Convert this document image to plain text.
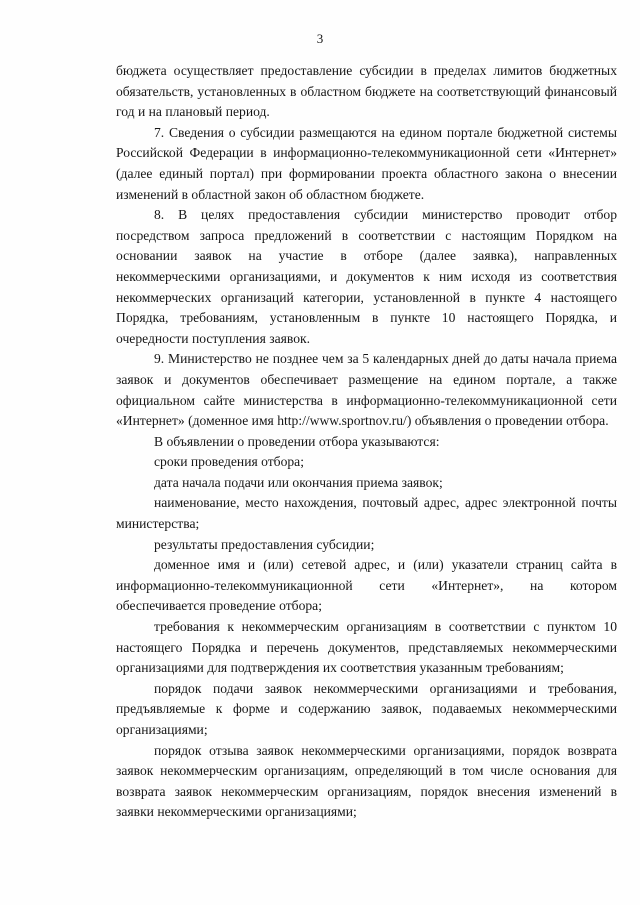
3

бюджета осуществляет предоставление субсидии в пределах лимитов бюджетных обязательств, установленных в областном бюджете на соответствующий финансовый год и на плановый период.

7. Сведения о субсидии размещаются на едином портале бюджетной системы Российской Федерации в информационно-телекоммуникационной сети «Интернет» (далее единый портал) при формировании проекта областного закона о внесении изменений в областной закон об областном бюджете.

8. В целях предоставления субсидии министерство проводит отбор посредством запроса предложений в соответствии с настоящим Порядком на основании заявок на участие в отборе (далее заявка), направленных некоммерческими организациями, и документов к ним исходя из соответствия некоммерческих организаций категории, установленной в пункте 4 настоящего Порядка, требованиям, установленным в пункте 10 настоящего Порядка, и очередности поступления заявок.

9. Министерство не позднее чем за 5 календарных дней до даты начала приема заявок и документов обеспечивает размещение на едином портале, а также официальном сайте министерства в информационно-телекоммуникационной сети «Интернет» (доменное имя http://www.sportnov.ru/) объявления о проведении отбора.

В объявлении о проведении отбора указываются:

сроки проведения отбора;

дата начала подачи или окончания приема заявок;

наименование, место нахождения, почтовый адрес, адрес электронной почты министерства;

результаты предоставления субсидии;

доменное имя и (или) сетевой адрес, и (или) указатели страниц сайта в информационно-телекоммуникационной сети «Интернет», на котором обеспечивается проведение отбора;

требования к некоммерческим организациям в соответствии с пунктом 10 настоящего Порядка и перечень документов, представляемых некоммерческими организациями для подтверждения их соответствия указанным требованиям;

порядок подачи заявок некоммерческими организациями и требования, предъявляемые к форме и содержанию заявок, подаваемых некоммерческими организациями;

порядок отзыва заявок некоммерческими организациями, порядок возврата заявок некоммерческим организациям, определяющий в том числе основания для возврата заявок некоммерческим организациям, порядок внесения изменений в заявки некоммерческими организациями;
